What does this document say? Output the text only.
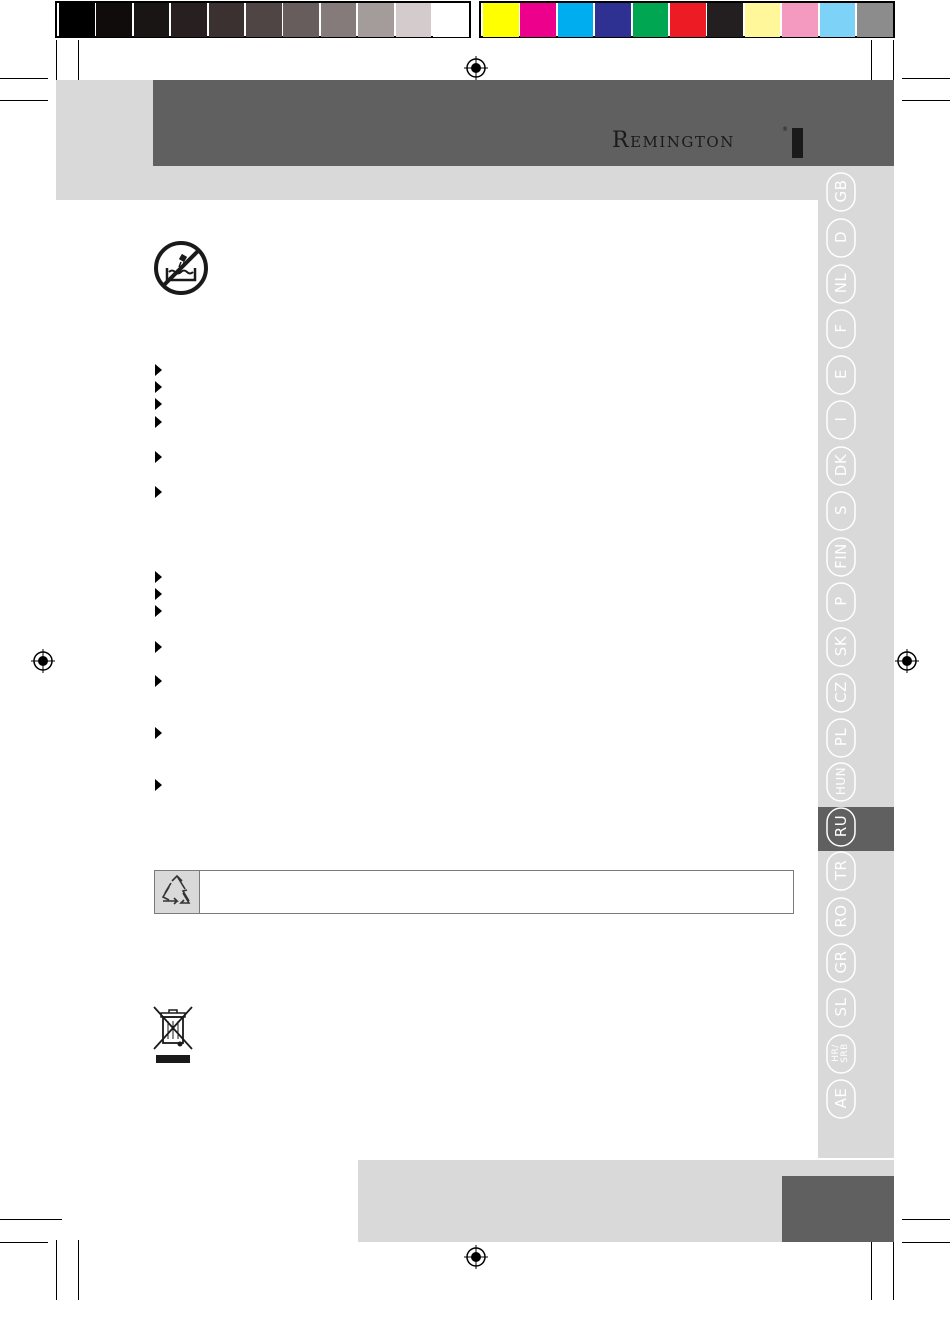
Remington	®
GB
D
NL
F
E
I
DK
S
FIN
P
SK
CZ
PL
HUN
RU
TR
RO
GR
SL
HR/
SRB
AE
